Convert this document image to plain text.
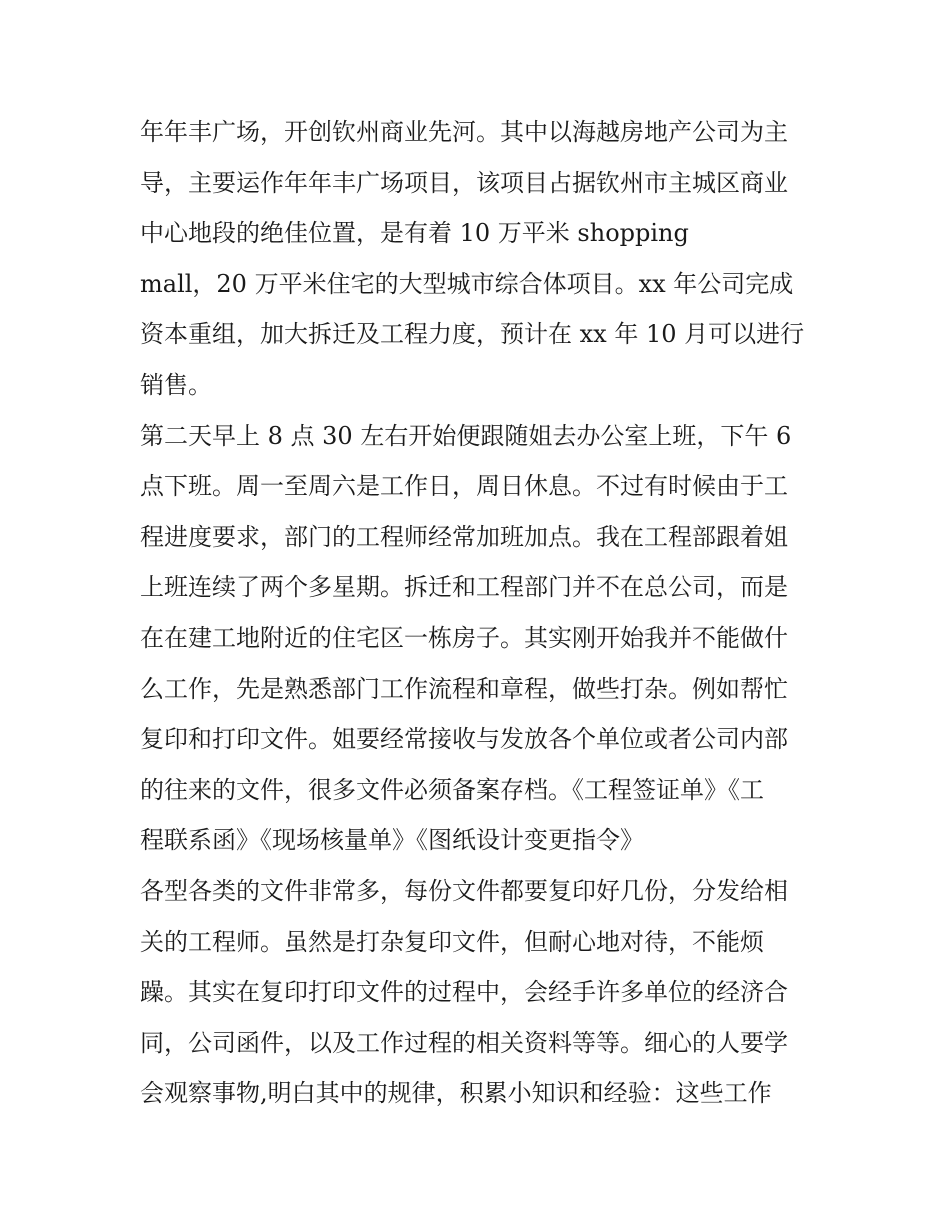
年年丰广场，开创钦州商业先河。其中以海越房地产公司为主
导，主要运作年年丰广场项目，该项目占据钦州市主城区商业
中心地段的绝佳位置，是有着 10 万平米 shopping
mall，20 万平米住宅的大型城市综合体项目。xx 年公司完成
资本重组，加大拆迁及工程力度，预计在 xx 年 10 月可以进行
销售。
第二天早上 8 点 30 左右开始便跟随姐去办公室上班，下午 6
点下班。周一至周六是工作日，周日休息。不过有时候由于工
程进度要求，部门的工程师经常加班加点。我在工程部跟着姐
上班连续了两个多星期。拆迁和工程部门并不在总公司，而是
在在建工地附近的住宅区一栋房子。其实刚开始我并不能做什
么工作，先是熟悉部门工作流程和章程，做些打杂。例如帮忙
复印和打印文件。姐要经常接收与发放各个单位或者公司内部
的往来的文件，很多文件必须备案存档。《工程签证单》《工
程联系函》《现场核量单》《图纸设计变更指令》
各型各类的文件非常多，每份文件都要复印好几份，分发给相
关的工程师。虽然是打杂复印文件，但耐心地对待，不能烦
躁。其实在复印打印文件的过程中，会经手许多单位的经济合
同，公司函件，以及工作过程的相关资料等等。细心的人要学
会观察事物,明白其中的规律，积累小知识和经验：这些工作
